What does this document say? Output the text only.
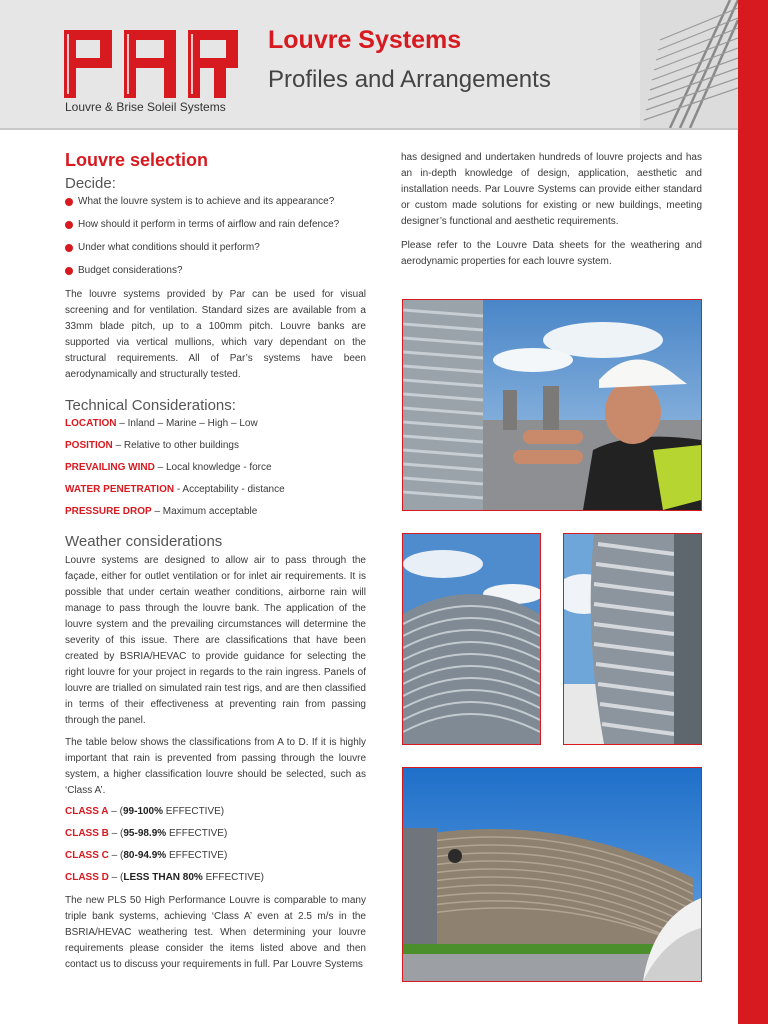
Louvre & Brise Soleil Systems
Louvre Systems
Profiles and Arrangements
Louvre selection
Decide:
What the louvre system is to achieve and its appearance?
How should it perform in terms of airflow and rain defence?
Under what conditions should it perform?
Budget considerations?

The louvre systems provided by Par can be used for visual screening and for ventilation. Standard sizes are available from a 33mm blade pitch, up to a 100mm pitch. Louvre banks are supported via vertical mullions, which vary dependant on the structural requirements. All of Par’s systems have been aerodynamically and structurally tested.

Technical Considerations:
LOCATION – Inland – Marine – High – Low
POSITION – Relative to other buildings
PREVAILING WIND – Local knowledge - force
WATER PENETRATION - Acceptability - distance
PRESSURE DROP – Maximum acceptable
Weather considerations

Louvre systems are designed to allow air to pass through the façade, either for outlet ventilation or for inlet air requirements. It is possible that under certain weather conditions, airborne rain will manage to pass through the louvre bank. The application of the louvre system and the prevailing circumstances will determine the severity of this issue. There are classifications that have been created by BSRIA/HEVAC to provide guidance for selecting the right louvre for your project in regards to the rain ingress. Panels of louvre are trialled on simulated rain test rigs, and are then classified in terms of their effectiveness at preventing rain from passing through the panel.

The table below shows the classifications from A to D. If it is highly important that rain is prevented from passing through the louvre system, a higher classification louvre should be selected, such as ‘Class A’.

CLASS A – (99-100% EFFECTIVE)
CLASS B – (95-98.9% EFFECTIVE)
CLASS C – (80-94.9% EFFECTIVE)
CLASS D – (LESS THAN 80% EFFECTIVE)

The new PLS 50 High Performance Louvre is comparable to many triple bank systems, achieving ‘Class A’ even at 2.5 m/s in the BSRIA/HEVAC weathering test. When determining your louvre requirements please consider the items listed above and then contact us to discuss your requirements in full. Par Louvre Systems

has designed and undertaken hundreds of louvre projects and has an in-depth knowledge of design, application, aesthetic and installation needs. Par Louvre Systems can provide either standard or custom made solutions for existing or new buildings, meeting designer’s functional and aesthetic requirements.

Please refer to the Louvre Data sheets for the weathering and aerodynamic properties for each louvre system.

PAR DS005/10/08
